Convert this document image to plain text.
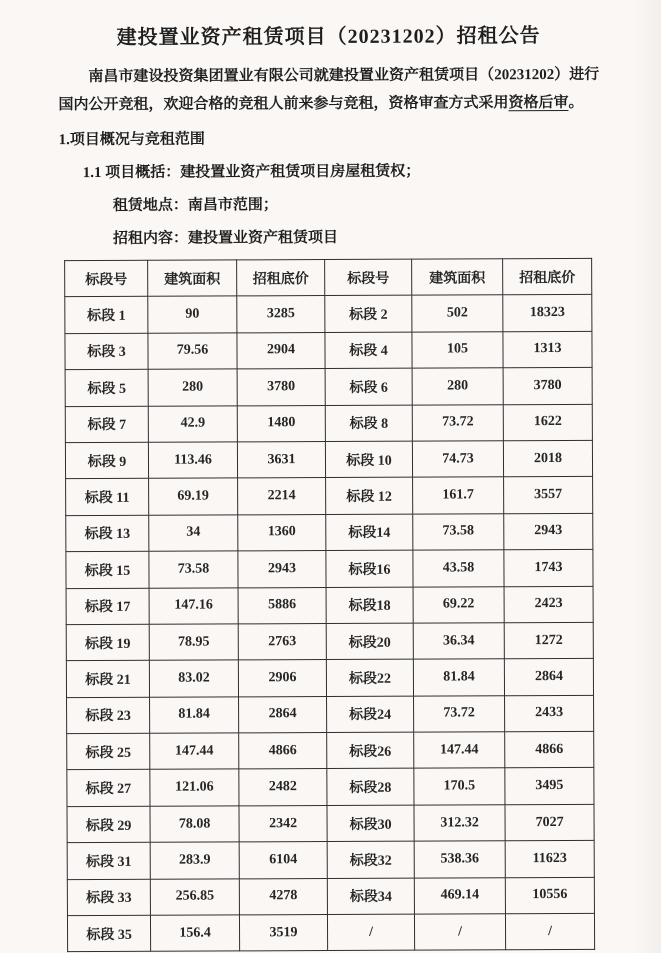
建投置业资产租赁项目（20231202）招租公告

南昌市建设投资集团置业有限公司就建投置业资产租赁项目（20231202）进行国内公开竞租，欢迎合格的竞租人前来参与竞租，资格审查方式采用资格后审。

1.项目概况与竞租范围

1.1 项目概括：建投置业资产租赁项目房屋租赁权；

租赁地点：南昌市范围；

招租内容：建投置业资产租赁项目

标段号	建筑面积	招租底价	标段号	建筑面积	招租底价
标段 1	90	3285	标段 2	502	18323
标段 3	79.56	2904	标段 4	105	1313
标段 5	280	3780	标段 6	280	3780
标段 7	42.9	1480	标段 8	73.72	1622
标段 9	113.46	3631	标段 10	74.73	2018
标段 11	69.19	2214	标段 12	161.7	3557
标段 13	34	1360	标段14	73.58	2943
标段 15	73.58	2943	标段16	43.58	1743
标段 17	147.16	5886	标段18	69.22	2423
标段 19	78.95	2763	标段20	36.34	1272
标段 21	83.02	2906	标段22	81.84	2864
标段 23	81.84	2864	标段24	73.72	2433
标段 25	147.44	4866	标段26	147.44	4866
标段 27	121.06	2482	标段28	170.5	3495
标段 29	78.08	2342	标段30	312.32	7027
标段 31	283.9	6104	标段32	538.36	11623
标段 33	256.85	4278	标段34	469.14	10556
标段 35	156.4	3519	/	/	/
